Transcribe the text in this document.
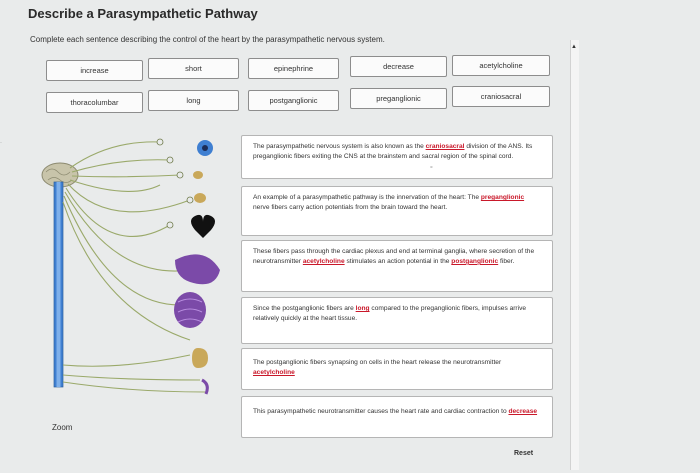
Describe a Parasympathetic Pathway
Complete each sentence describing the control of the heart by the parasympathetic nervous system.
increase	short	epinephrine	decrease	acetylcholine
thoracolumbar	long	postganglionic	preganglionic	craniosacral
▲
·	The parasympathetic nervous system is also known as the craniosacral division of the ANS. Its preganglionic fibers exiting the CNS at the brainstem and sacral region of the spinal cord.
°
An example of a parasympathetic pathway is the innervation of the heart: The preganglionic nerve fibers carry action potentials from the brain toward the heart.
These fibers pass through the cardiac plexus and end at terminal ganglia, where secretion of the neurotransmitter acetylcholine stimulates an action potential in the postganglionic fiber.
Since the postganglionic fibers are long compared to the preganglionic fibers, impulses arrive relatively quickly at the heart tissue.
The postganglionic fibers synapsing on cells in the heart release the neurotransmitter acetylcholine
This parasympathetic neurotransmitter causes the heart rate and cardiac contraction to decrease
Zoom
Reset
